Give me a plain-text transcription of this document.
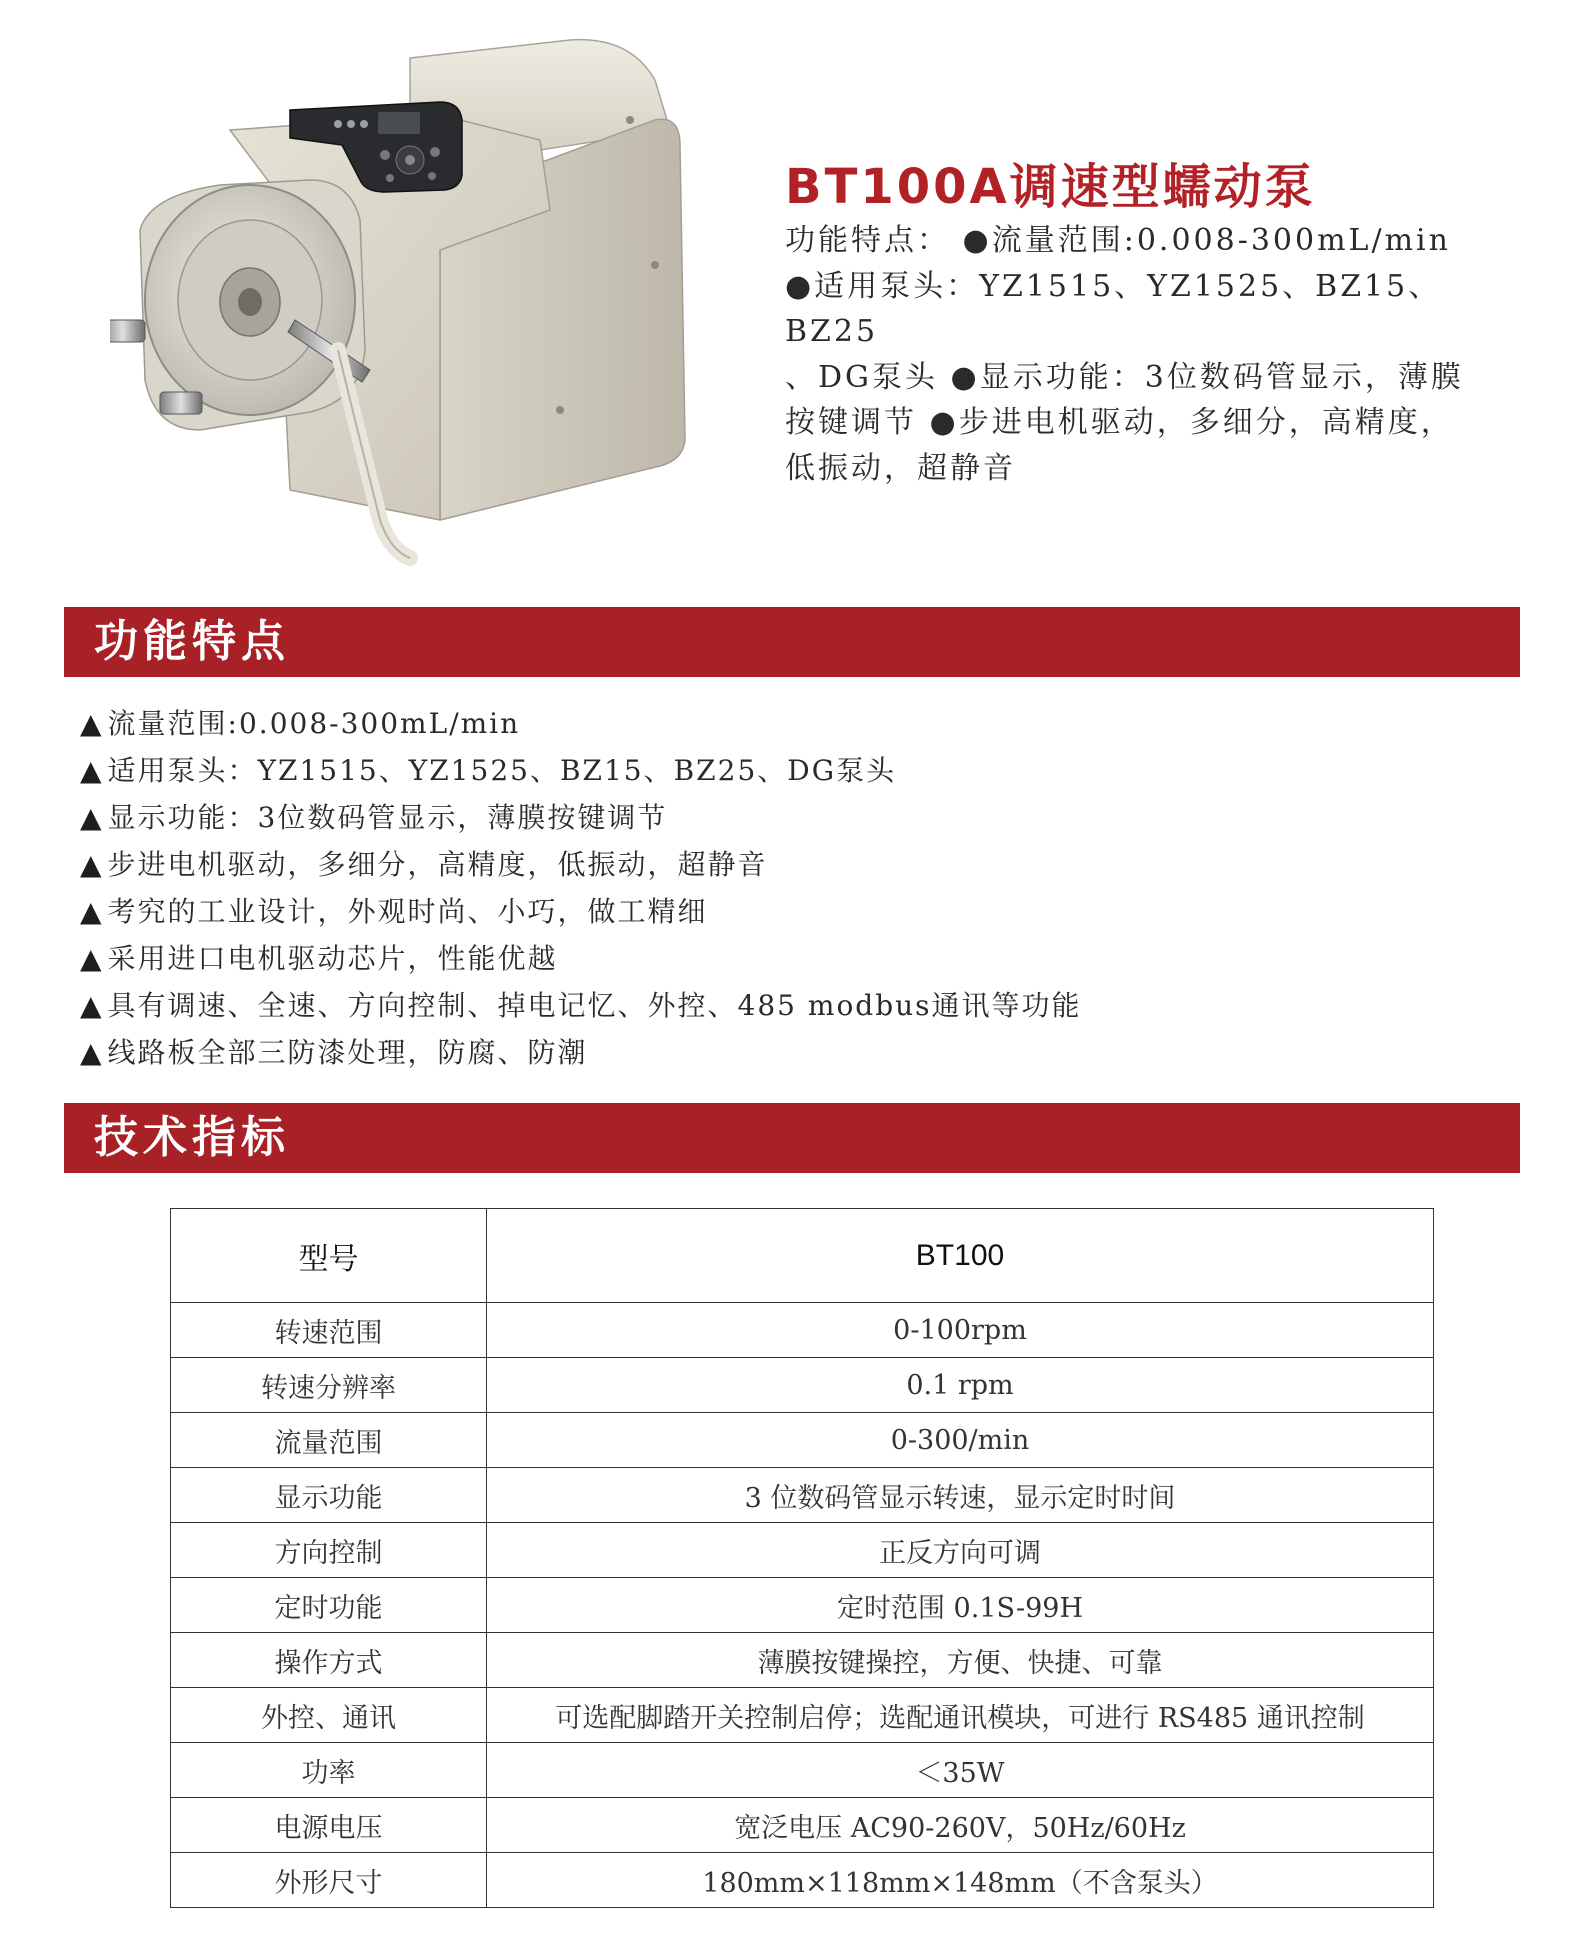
BT100A调速型蠕动泵
功能特点： ●流量范围:0.008-300mL/min
●适用泵头：YZ1515、YZ1525、BZ15、BZ25
、DG泵头 ●显示功能：3位数码管显示，薄膜
按键调节 ●步进电机驱动，多细分，高精度，
低振动，超静音
功能特点
▲ 流量范围:0.008-300mL/min
▲ 适用泵头：YZ1515、YZ1525、BZ15、BZ25、DG泵头
▲ 显示功能：3位数码管显示，薄膜按键调节
▲ 步进电机驱动，多细分，高精度，低振动，超静音
▲ 考究的工业设计，外观时尚、小巧，做工精细
▲ 采用进口电机驱动芯片，性能优越
▲ 具有调速、全速、方向控制、掉电记忆、外控、485 modbus通讯等功能
▲ 线路板全部三防漆处理，防腐、防潮
技术指标
型号	BT100
转速范围	0-100rpm
转速分辨率	0.1 rpm
流量范围	0-300/min
显示功能	3 位数码管显示转速，显示定时时间
方向控制	正反方向可调
定时功能	定时范围 0.1S-99H
操作方式	薄膜按键操控，方便、快捷、可靠
外控、通讯	可选配脚踏开关控制启停；选配通讯模块，可进行 RS485 通讯控制
功率	＜35W
电源电压	宽泛电压 AC90-260V，50Hz/60Hz
外形尺寸	180mm×118mm×148mm（不含泵头）
